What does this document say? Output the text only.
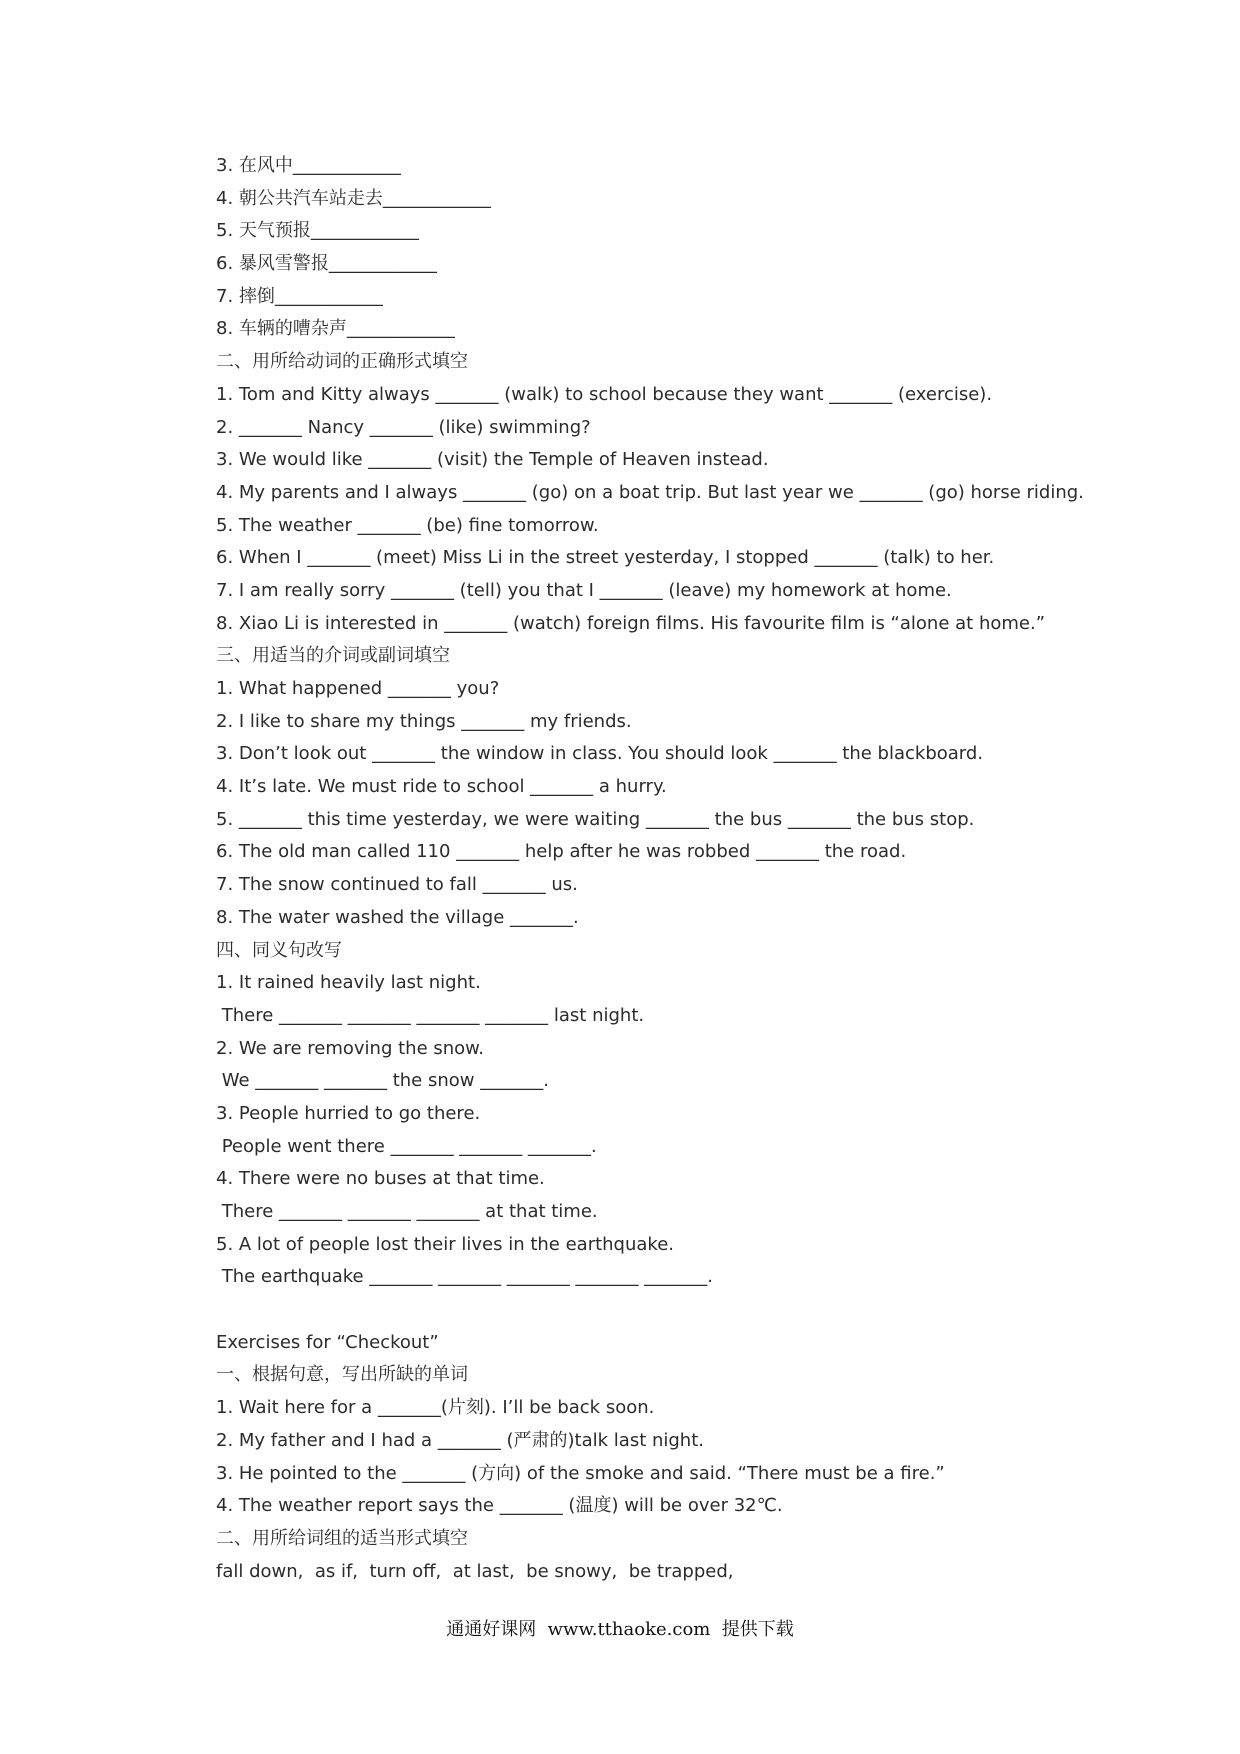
3. 在风中____________
4. 朝公共汽车站走去____________
5. 天气预报____________
6. 暴风雪警报____________
7. 摔倒____________
8. 车辆的嘈杂声____________
二、用所给动词的正确形式填空
1. Tom and Kitty always _______ (walk) to school because they want _______ (exercise).
2. _______ Nancy _______ (like) swimming?
3. We would like _______ (visit) the Temple of Heaven instead.
4. My parents and I always _______ (go) on a boat trip. But last year we _______ (go) horse riding.
5. The weather _______ (be) fine tomorrow.
6. When I _______ (meet) Miss Li in the street yesterday, I stopped _______ (talk) to her.
7. I am really sorry _______ (tell) you that I _______ (leave) my homework at home.
8. Xiao Li is interested in _______ (watch) foreign films. His favourite film is “alone at home.”
三、用适当的介词或副词填空
1. What happened _______ you?
2. I like to share my things _______ my friends.
3. Don’t look out _______ the window in class. You should look _______ the blackboard.
4. It’s late. We must ride to school _______ a hurry.
5. _______ this time yesterday, we were waiting _______ the bus _______ the bus stop.
6. The old man called 110 _______ help after he was robbed _______ the road.
7. The snow continued to fall _______ us.
8. The water washed the village _______.
四、同义句改写
1. It rained heavily last night.
There _______ _______ _______ _______ last night.
2. We are removing the snow.
We _______ _______ the snow _______.
3. People hurried to go there.
People went there _______ _______ _______.
4. There were no buses at that time.
There _______ _______ _______ at that time.
5. A lot of people lost their lives in the earthquake.
The earthquake _______ _______ _______ _______ _______.
Exercises for “Checkout”
一、根据句意，写出所缺的单词
1. Wait here for a _______(片刻). I’ll be back soon.
2. My father and I had a _______ (严肃的)talk last night.
3. He pointed to the _______ (方向) of the smoke and said. “There must be a fire.”
4. The weather report says the _______ (温度) will be over 32℃.
二、用所给词组的适当形式填空
fall down,  as if,  turn off,  at last,  be snowy,  be trapped,
通通好课网  www.tthaoke.com  提供下载
